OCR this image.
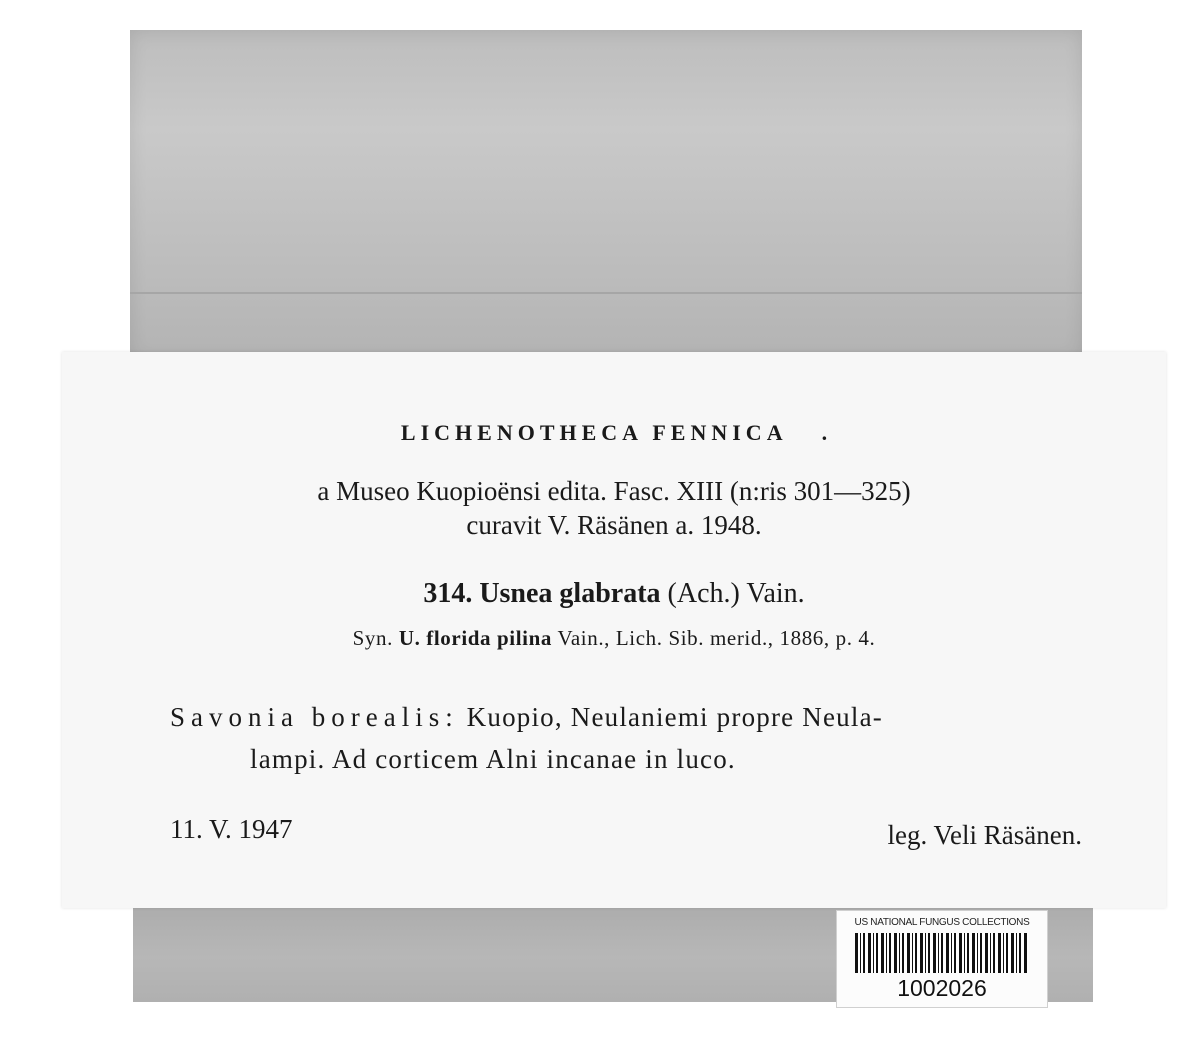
LICHENOTHECA FENNICA .
a Museo Kuopioënsi edita. Fasc. XIII (n:ris 301—325)
curavit V. Räsänen a. 1948.
314. Usnea glabrata (Ach.) Vain.
Syn. U. florida pilina Vain., Lich. Sib. merid., 1886, p. 4.
Savonia borealis: Kuopio, Neulaniemi propre Neula-
lampi. Ad corticem Alni incanae in luco.
11. V. 1947	leg. Veli Räsänen.
US NATIONAL FUNGUS COLLECTIONS
1002026
